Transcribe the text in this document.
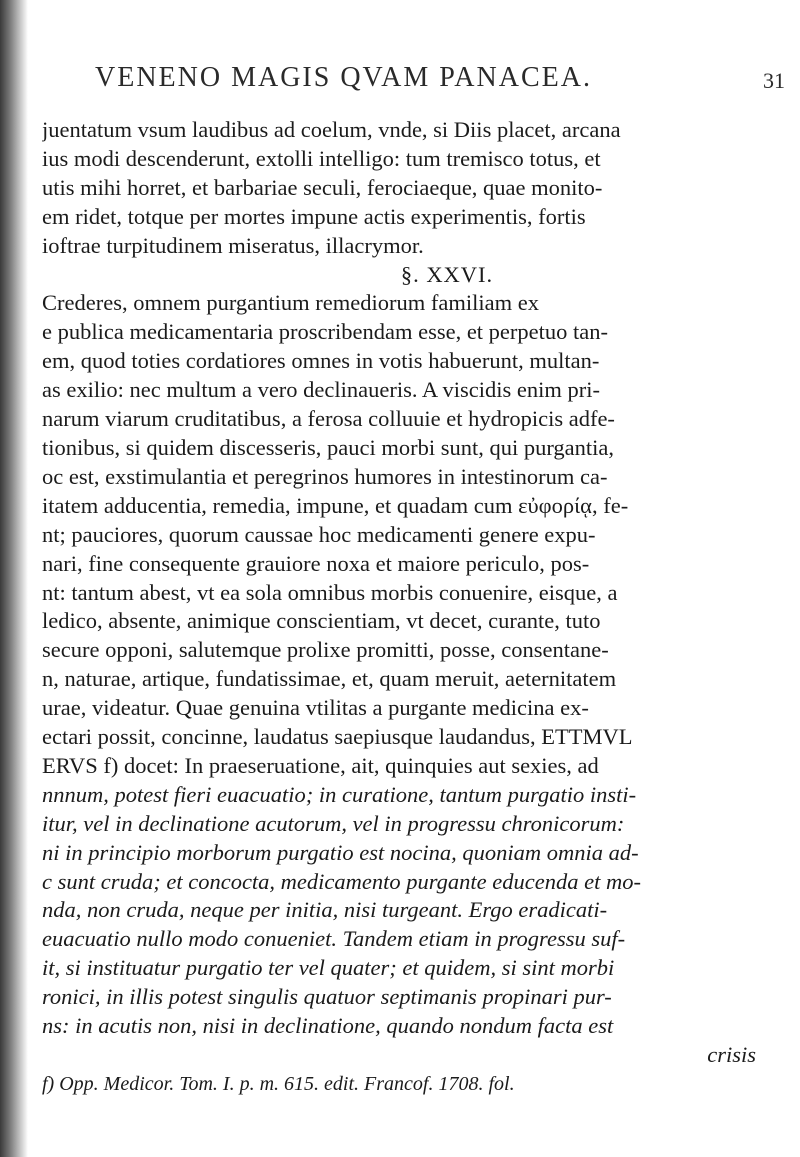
VENENO MAGIS QVAM PANACEA.	31
juentatum vsum laudibus ad coelum, vnde, si Diis placet, arcana
ius modi descenderunt, extolli intelligo: tum tremisco totus, et
utis mihi horret, et barbariae seculi, ferociaeque, quae monito-
em ridet, totque per mortes impune actis experimentis, fortis
ioftrae turpitudinem miseratus, illacrymor.
§. XXVI.
Crederes, omnem purgantium remediorum familiam ex
e publica medicamentaria proscribendam esse, et perpetuo tan-
em, quod toties cordatiores omnes in votis habuerunt, multan-
as exilio: nec multum a vero declinaueris. A viscidis enim pri-
narum viarum cruditatibus, a ferosa colluuie et hydropicis adfe-
tionibus, si quidem discesseris, pauci morbi sunt, qui purgantia,
oc est, exstimulantia et peregrinos humores in intestinorum ca-
itatem adducentia, remedia, impune, et quadam cum εὐφορίᾳ, fe-
nt; pauciores, quorum caussae hoc medicamenti genere expu-
nari, fine consequente grauiore noxa et maiore periculo, pos-
nt: tantum abest, vt ea sola omnibus morbis conuenire, eisque, a
ledico, absente, animique conscientiam, vt decet, curante, tuto
secure opponi, salutemque prolixe promitti, posse, consentane-
n, naturae, artique, fundatissimae, et, quam meruit, aeternitatem
urae, videatur. Quae genuina vtilitas a purgante medicina ex-
ectari possit, concinne, laudatus saepiusque laudandus, ETTMVL
ERVS f) docet: In praeseruatione, ait, quinquies aut sexies, ad
nnnum, potest fieri euacuatio; in curatione, tantum purgatio insti-
itur, vel in declinatione acutorum, vel in progressu chronicorum:
ni in principio morborum purgatio est nocina, quoniam omnia ad-
c sunt cruda; et concocta, medicamento purgante educenda et mo-
nda, non cruda, neque per initia, nisi turgeant. Ergo eradicati-
euacuatio nullo modo conueniet. Tandem etiam in progressu suf-
it, si instituatur purgatio ter vel quater; et quidem, si sint morbi
ronici, in illis potest singulis quatuor septimanis propinari pur-
ns: in acutis non, nisi in declinatione, quando nondum facta est
crisis
f) Opp. Medicor. Tom. I. p. m. 615. edit. Francof. 1708. fol.
